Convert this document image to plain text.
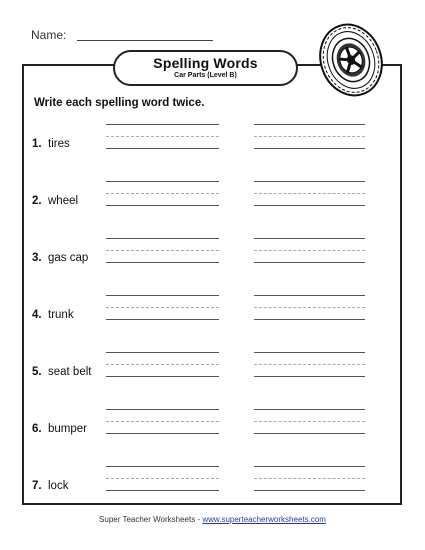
Name:
Spelling Words
Car Parts (Level B)
Write each spelling word twice.
1. tires
2. wheel
3. gas cap
4. trunk
5. seat belt
6. bumper
7. lock
Super Teacher Worksheets - www.superteacherworksheets.com
